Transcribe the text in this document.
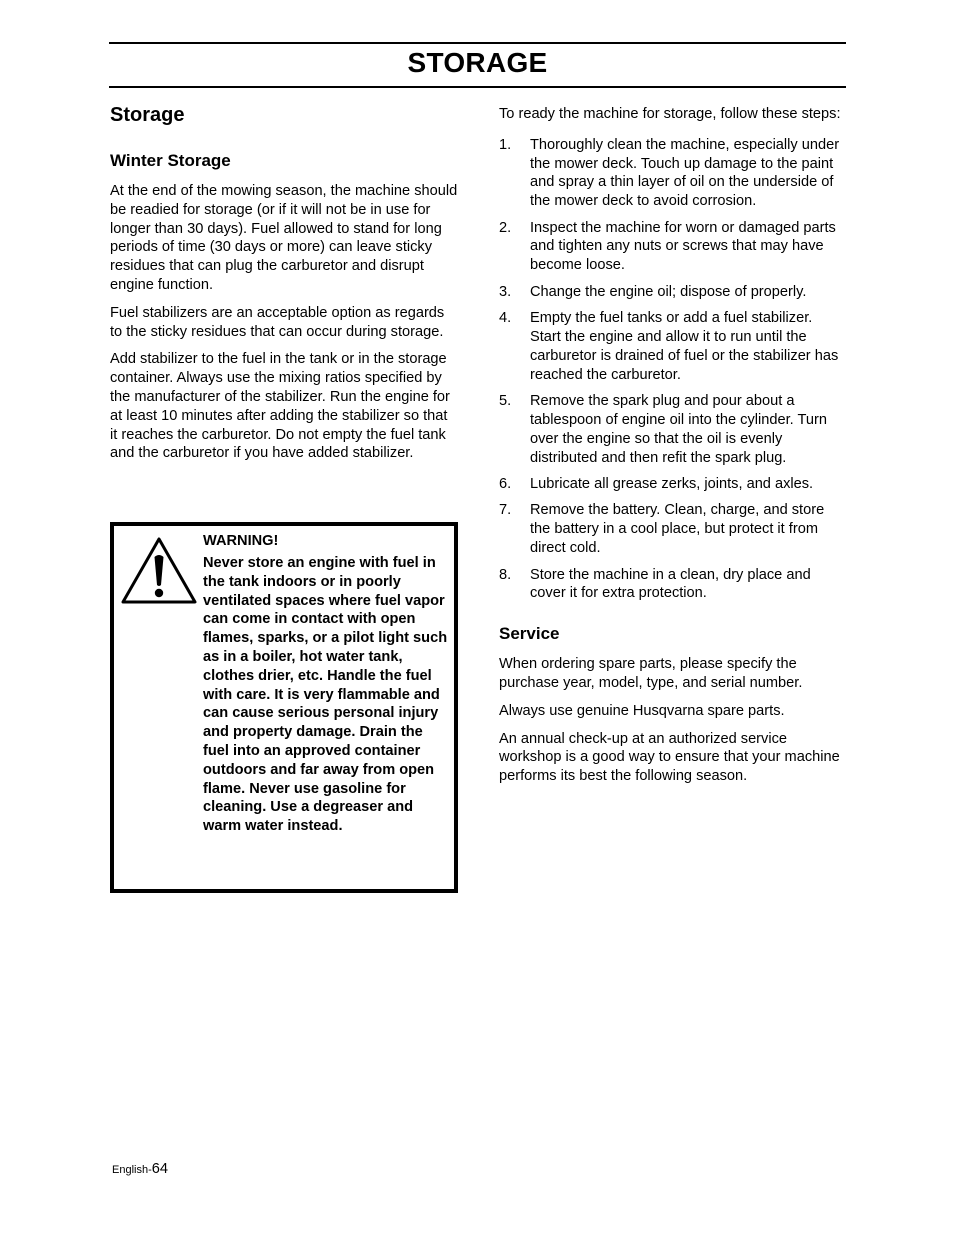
STORAGE
Storage
Winter Storage

At the end of the mowing season, the machine should be readied for storage (or if it will not be in use for longer than 30 days). Fuel allowed to stand for long periods of time (30 days or more) can leave sticky residues that can plug the carburetor and disrupt engine function.

Fuel stabilizers are an acceptable option as regards to the sticky residues that can occur during storage.

Add stabilizer to the fuel in the tank or in the storage container. Always use the mixing ratios specified by the manufacturer of the stabilizer. Run the engine for at least 10 minutes after adding the stabilizer so that it reaches the carburetor. Do not empty the fuel tank and the carburetor if you have added stabilizer.

WARNING!
Never store an engine with fuel in the tank indoors or in poorly ventilated spaces where fuel vapor can come in contact with open flames, sparks, or a pilot light such as in a boiler, hot water tank, clothes drier, etc. Handle the fuel with care. It is very flammable and can cause serious personal injury and property damage. Drain the fuel into an approved container outdoors and far away from open flame. Never use gasoline for cleaning. Use a degreaser and warm water instead.

To ready the machine for storage, follow these steps:

1. Thoroughly clean the machine, especially under the mower deck. Touch up damage to the paint and spray a thin layer of oil on the underside of the mower deck to avoid corrosion.
2. Inspect the machine for worn or damaged parts and tighten any nuts or screws that may have become loose.
3. Change the engine oil; dispose of properly.
4. Empty the fuel tanks or add a fuel stabilizer. Start the engine and allow it to run until the carburetor is drained of fuel or the stabilizer has reached the carburetor.
5. Remove the spark plug and pour about a tablespoon of engine oil into the cylinder. Turn over the engine so that the oil is evenly distributed and then refit the spark plug.
6. Lubricate all grease zerks, joints, and axles.
7. Remove the battery. Clean, charge, and store the battery in a cool place, but protect it from direct cold.
8. Store the machine in a clean, dry place and cover it for extra protection.
Service

When ordering spare parts, please specify the purchase year, model, type, and serial number.

Always use genuine Husqvarna spare parts.

An annual check-up at an authorized service workshop is a good way to ensure that your machine performs its best the following season.

English-64
